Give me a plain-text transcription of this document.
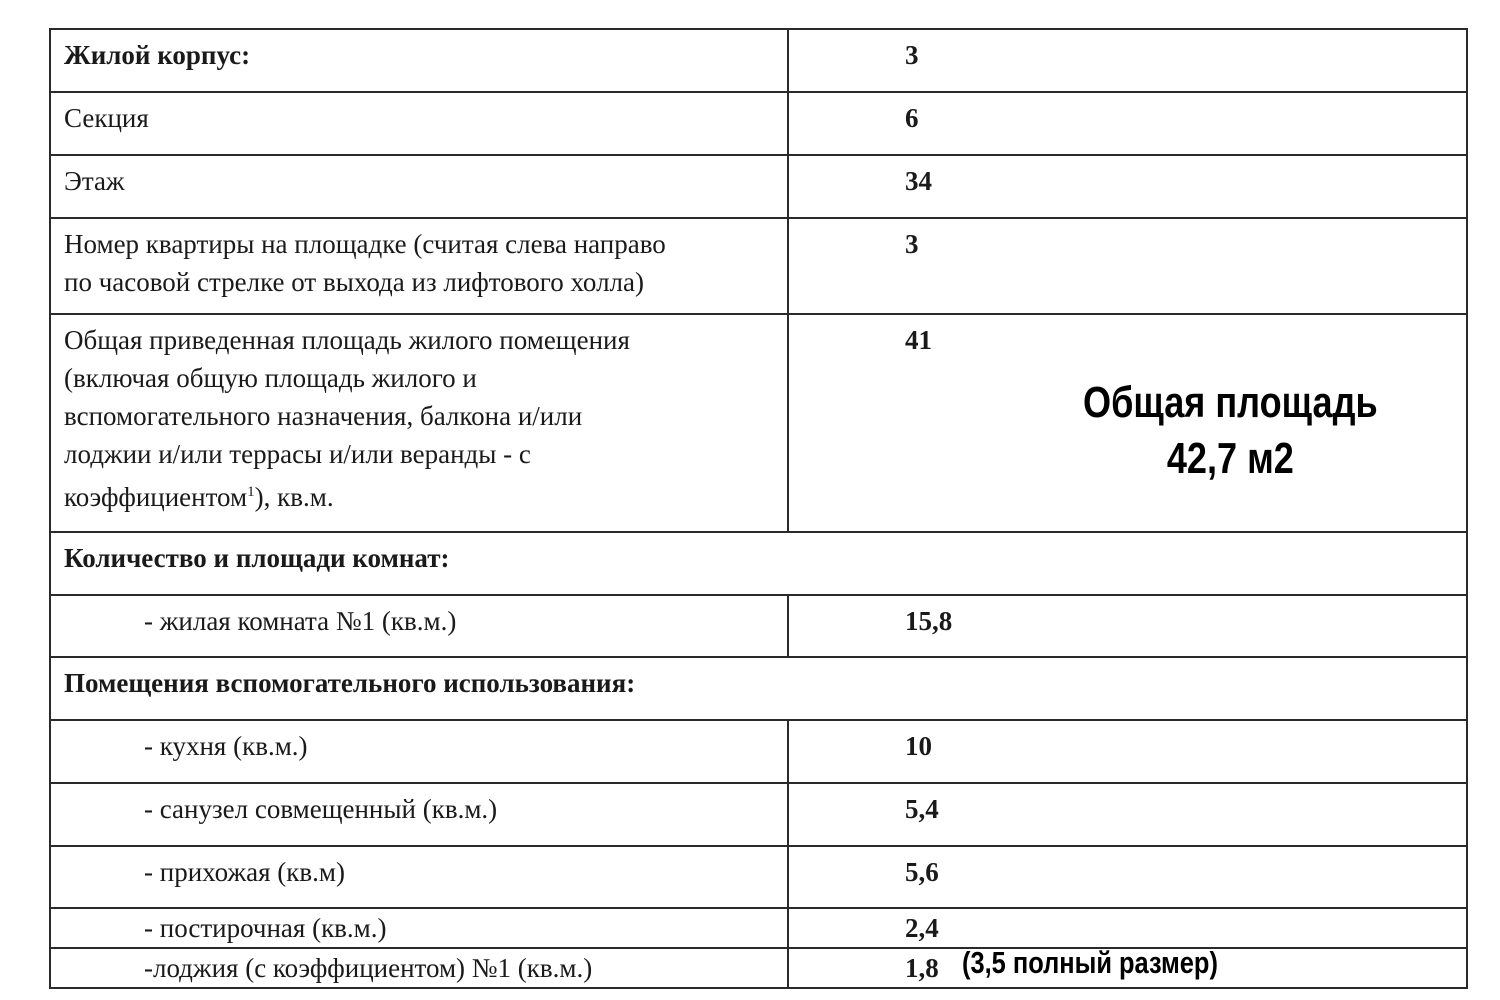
Жилой корпус:	3
Секция	6
Этаж	34

Номер квартиры на площадке (считая слева направо
по часовой стрелке от выхода из лифтового холла)	3

Общая приведенная площадь жилого помещения
(включая общую площадь жилого и
вспомогательного назначения, балкона и/или
лоджии и/или террасы и/или веранды - с
коэффициентом$^1$), кв.м.	41
Количество и площади комнат:	
- жилая комната №1 (кв.м.)	15,8
Помещения вспомогательного использования:	
- кухня (кв.м.)	10
- санузел совмещенный (кв.м.)	5,4
- прихожая (кв.м)	5,6
- постирочная (кв.м.)	2,4
-лоджия (с коэффициентом) №1 (кв.м.)	1,8
Общая площадь
42,7 м2
(3,5 полный размер)
